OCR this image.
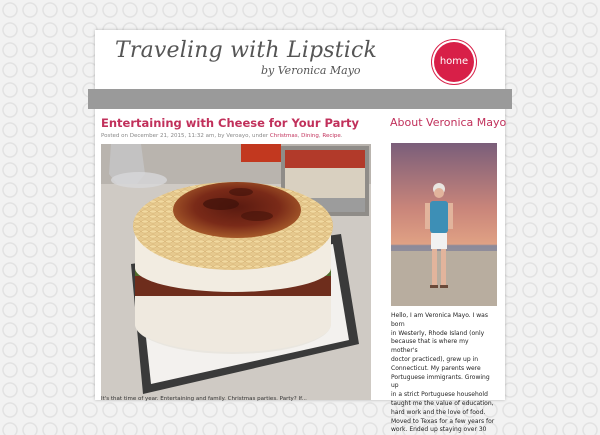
Traveling with Lipstick
by Veronica Mayo
home
Entertaining with Cheese for Your Party
Posted on December 21, 2015, 11:32 am, by Veroayo, under Christmas, Dining, Recipe.
It's that time of year. Entertaining and family. Christmas parties. Party? If...
About Veronica Mayo

Hello, I am Veronica Mayo. I was born

in Westerly, Rhode Island (only

because that is where my mother's

doctor practiced), grew up in

Connecticut. My parents were

Portuguese immigrants. Growing up

in a strict Portuguese household

taught me the value of education,

hard work and the love of food.

Moved to Texas for a few years for

work. Ended up staying over 30
